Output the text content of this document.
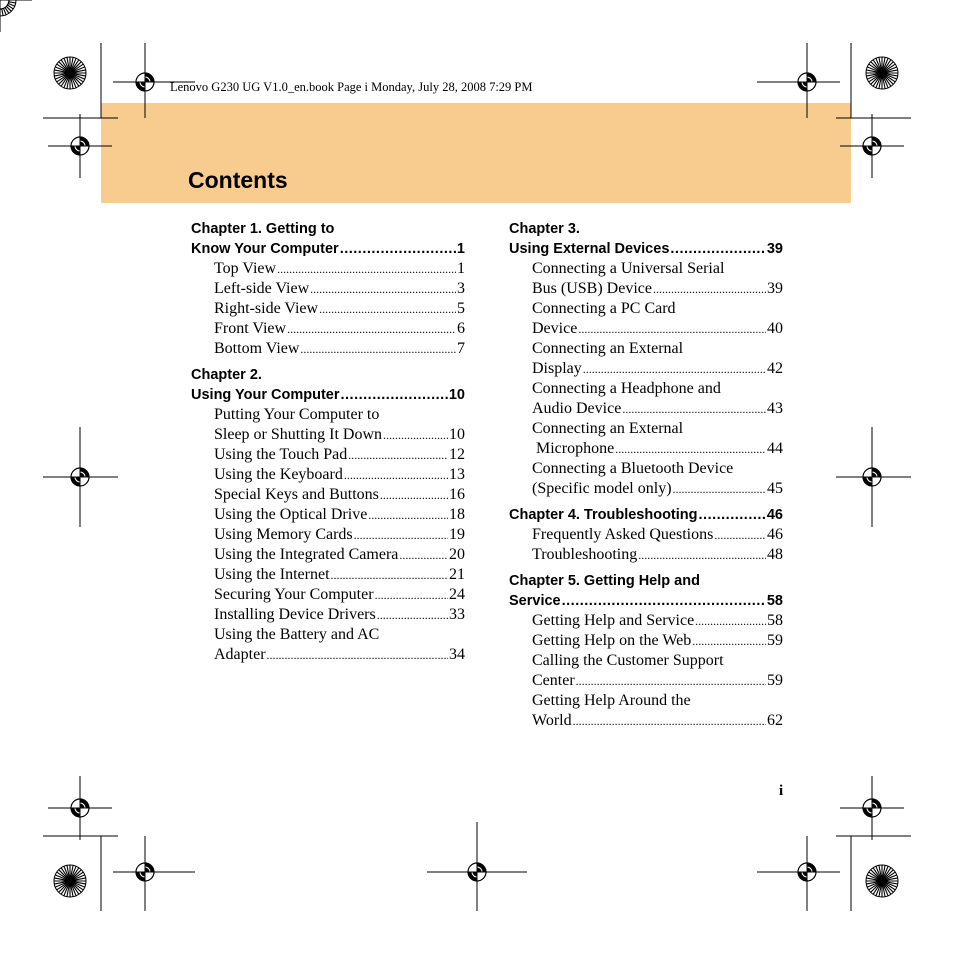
Lenovo G230 UG V1.0_en.book Page i Monday, July 28, 2008 7:29 PM
Contents
Chapter 1. Getting to
Know Your Computer .....	1
Top View .....	1
Left-side View .....	3
Right-side View .....	5
Front View .....	6
Bottom View .....	7
Chapter 2.
Using Your Computer .....	10
Putting Your Computer to
Sleep or Shutting It Down .....	10
Using the Touch Pad .....	12
Using the Keyboard .....	13
Special Keys and Buttons .....	16
Using the Optical Drive .....	18
Using Memory Cards .....	19
Using the Integrated Camera .....	20
Using the Internet .....	21
Securing Your Computer .....	24
Installing Device Drivers .....	33
Using the Battery and AC
Adapter .....	34
Chapter 3.
Using External Devices .....	39
Connecting a Universal Serial
Bus (USB) Device .....	39
Connecting a PC Card
Device .....	40
Connecting an External
Display .....	42
Connecting a Headphone and
Audio Device .....	43
Connecting an External
Microphone .....	44
Connecting a Bluetooth Device
(Specific model only) .....	45
Chapter 4. Troubleshooting .....	46
Frequently Asked Questions .....	46
Troubleshooting .....	48
Chapter 5. Getting Help and
Service .....	58
Getting Help and Service .....	58
Getting Help on the Web .....	59
Calling the Customer Support
Center .....	59
Getting Help Around the
World .....	62
i
